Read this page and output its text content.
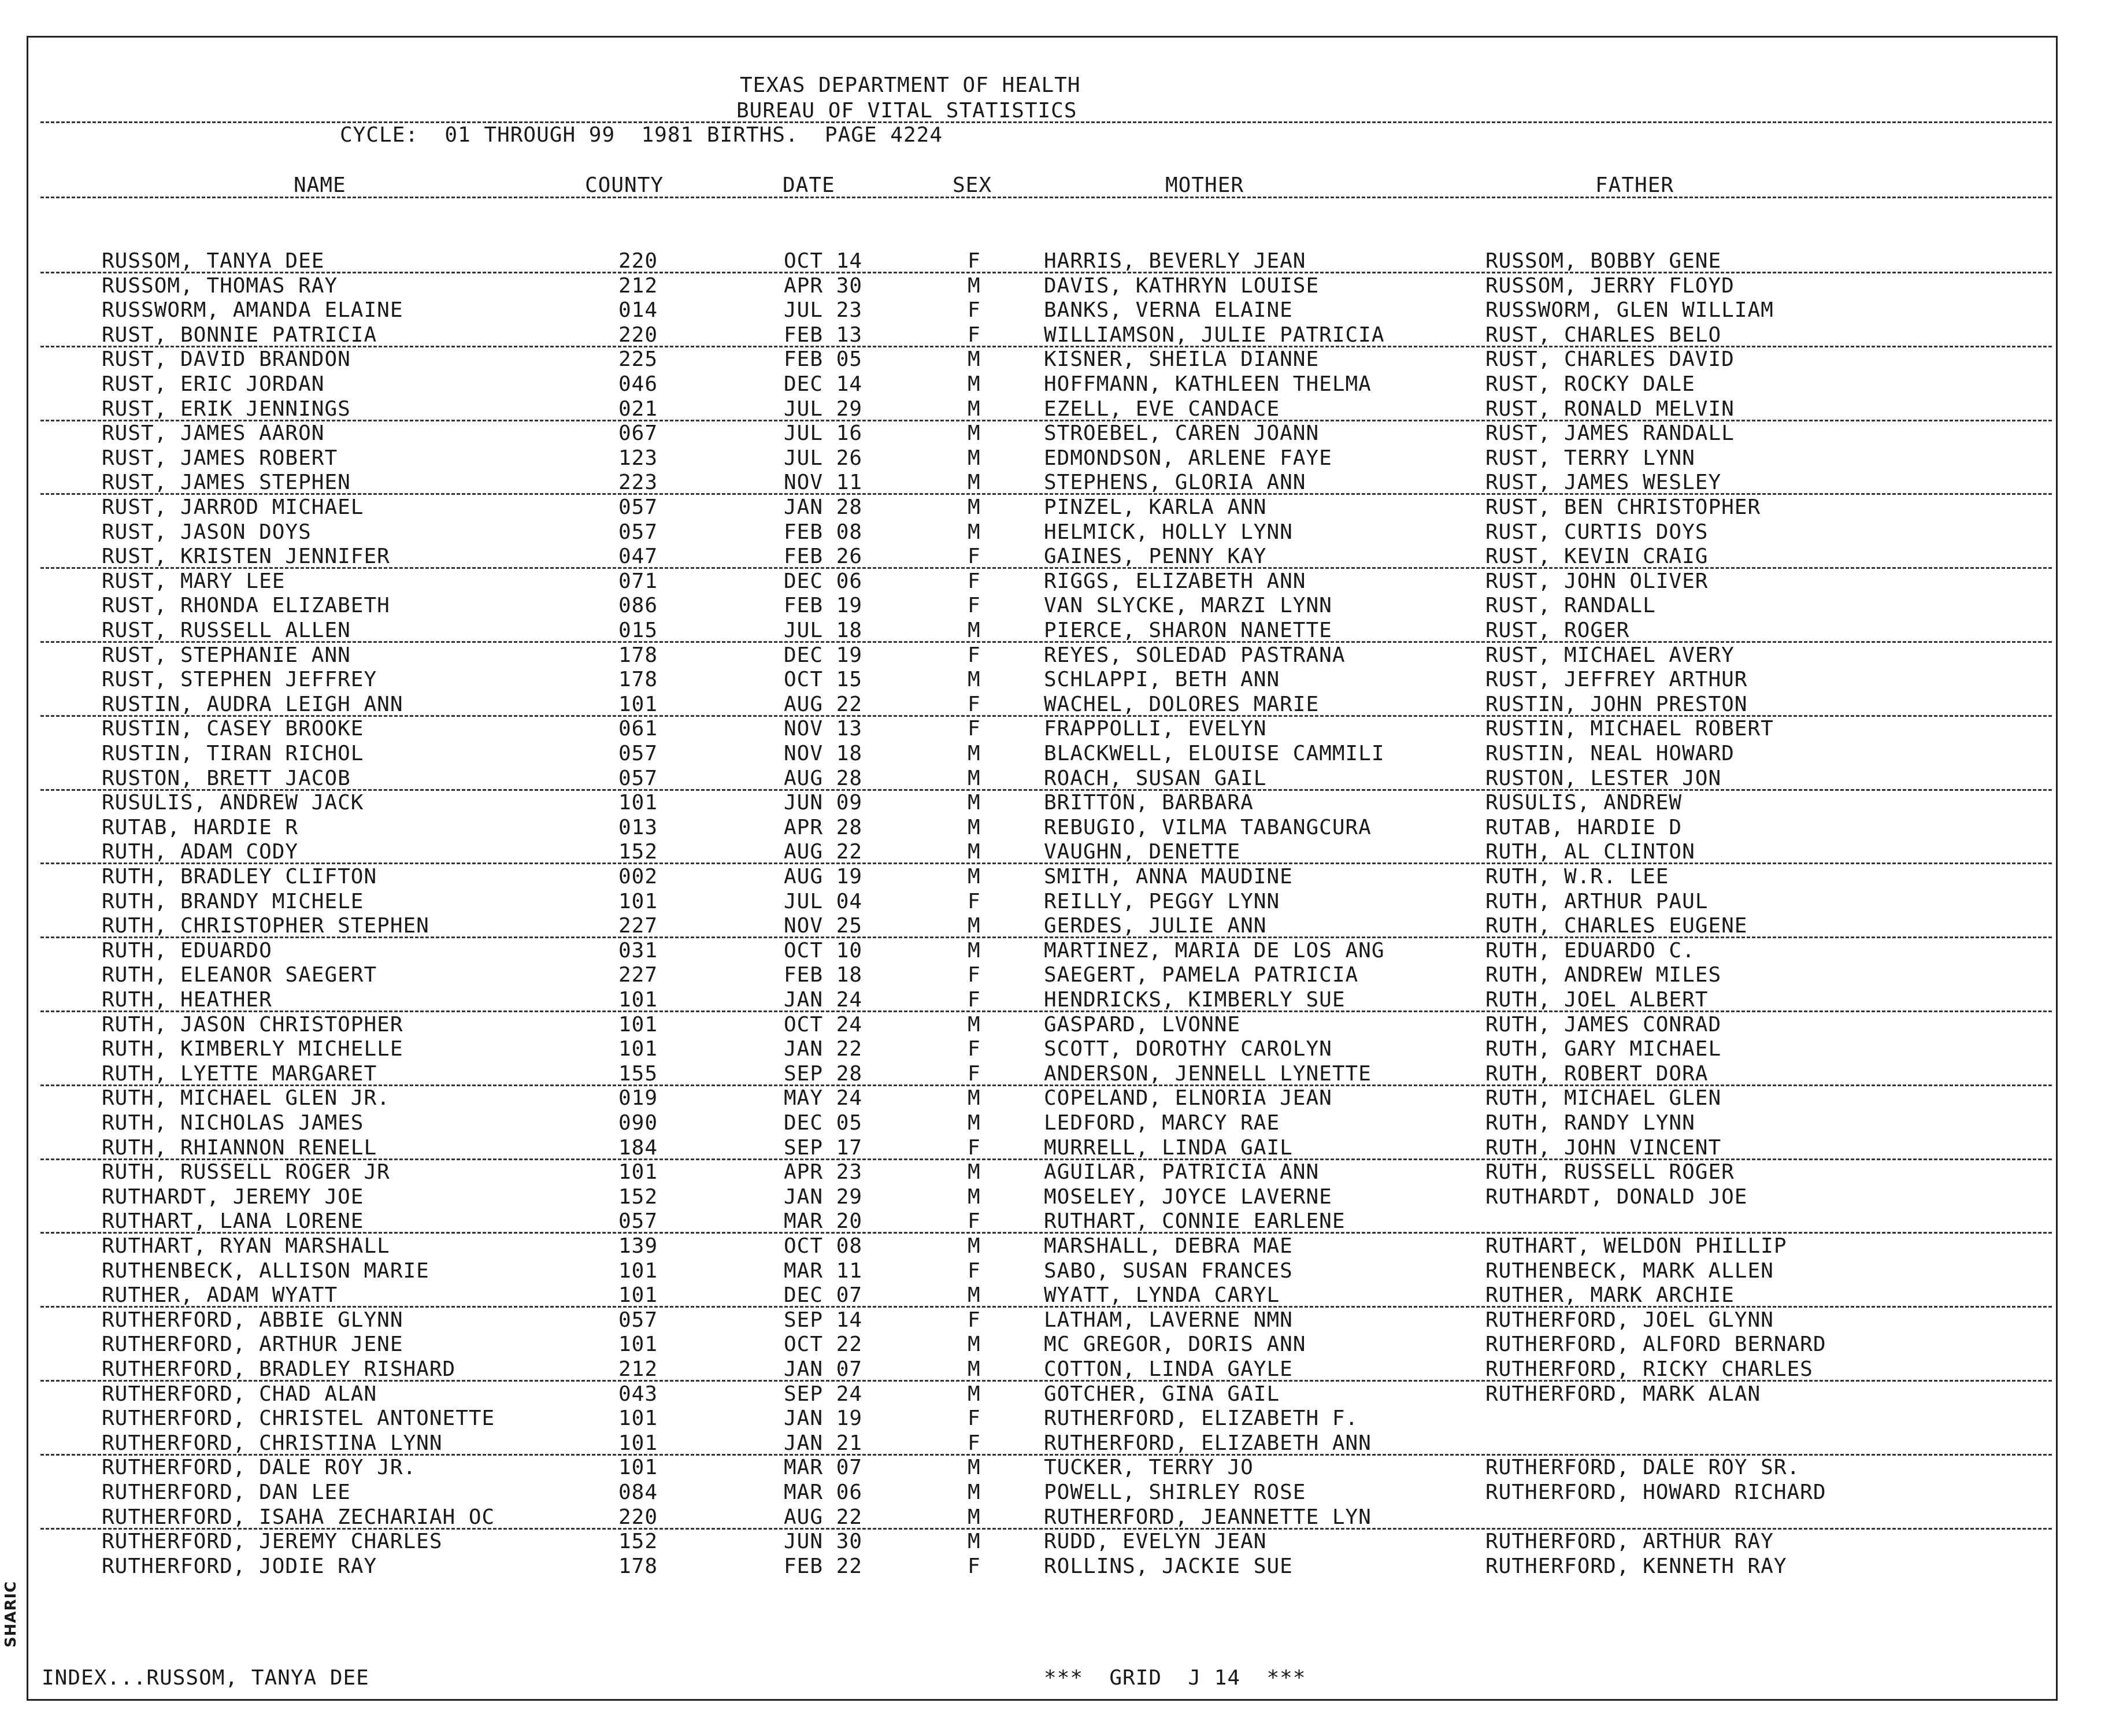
SHARIC
TEXAS DEPARTMENT OF HEALTH
BUREAU OF VITAL STATISTICS
CYCLE:  01 THROUGH 99  1981 BIRTHS.  PAGE 4224
NAME	COUNTY	DATE	SEX	MOTHER	FATHER
RUSSOM, TANYA DEE	220	OCT 14	F	HARRIS, BEVERLY JEAN	RUSSOM, BOBBY GENE
RUSSOM, THOMAS RAY	212	APR 30	M	DAVIS, KATHRYN LOUISE	RUSSOM, JERRY FLOYD
RUSSWORM, AMANDA ELAINE	014	JUL 23	F	BANKS, VERNA ELAINE	RUSSWORM, GLEN WILLIAM
RUST, BONNIE PATRICIA	220	FEB 13	F	WILLIAMSON, JULIE PATRICIA	RUST, CHARLES BELO
RUST, DAVID BRANDON	225	FEB 05	M	KISNER, SHEILA DIANNE	RUST, CHARLES DAVID
RUST, ERIC JORDAN	046	DEC 14	M	HOFFMANN, KATHLEEN THELMA	RUST, ROCKY DALE
RUST, ERIK JENNINGS	021	JUL 29	M	EZELL, EVE CANDACE	RUST, RONALD MELVIN
RUST, JAMES AARON	067	JUL 16	M	STROEBEL, CAREN JOANN	RUST, JAMES RANDALL
RUST, JAMES ROBERT	123	JUL 26	M	EDMONDSON, ARLENE FAYE	RUST, TERRY LYNN
RUST, JAMES STEPHEN	223	NOV 11	M	STEPHENS, GLORIA ANN	RUST, JAMES WESLEY
RUST, JARROD MICHAEL	057	JAN 28	M	PINZEL, KARLA ANN	RUST, BEN CHRISTOPHER
RUST, JASON DOYS	057	FEB 08	M	HELMICK, HOLLY LYNN	RUST, CURTIS DOYS
RUST, KRISTEN JENNIFER	047	FEB 26	F	GAINES, PENNY KAY	RUST, KEVIN CRAIG
RUST, MARY LEE	071	DEC 06	F	RIGGS, ELIZABETH ANN	RUST, JOHN OLIVER
RUST, RHONDA ELIZABETH	086	FEB 19	F	VAN SLYCKE, MARZI LYNN	RUST, RANDALL
RUST, RUSSELL ALLEN	015	JUL 18	M	PIERCE, SHARON NANETTE	RUST, ROGER
RUST, STEPHANIE ANN	178	DEC 19	F	REYES, SOLEDAD PASTRANA	RUST, MICHAEL AVERY
RUST, STEPHEN JEFFREY	178	OCT 15	M	SCHLAPPI, BETH ANN	RUST, JEFFREY ARTHUR
RUSTIN, AUDRA LEIGH ANN	101	AUG 22	F	WACHEL, DOLORES MARIE	RUSTIN, JOHN PRESTON
RUSTIN, CASEY BROOKE	061	NOV 13	F	FRAPPOLLI, EVELYN	RUSTIN, MICHAEL ROBERT
RUSTIN, TIRAN RICHOL	057	NOV 18	M	BLACKWELL, ELOUISE CAMMILI	RUSTIN, NEAL HOWARD
RUSTON, BRETT JACOB	057	AUG 28	M	ROACH, SUSAN GAIL	RUSTON, LESTER JON
RUSULIS, ANDREW JACK	101	JUN 09	M	BRITTON, BARBARA	RUSULIS, ANDREW
RUTAB, HARDIE R	013	APR 28	M	REBUGIO, VILMA TABANGCURA	RUTAB, HARDIE D
RUTH, ADAM CODY	152	AUG 22	M	VAUGHN, DENETTE	RUTH, AL CLINTON
RUTH, BRADLEY CLIFTON	002	AUG 19	M	SMITH, ANNA MAUDINE	RUTH, W.R. LEE
RUTH, BRANDY MICHELE	101	JUL 04	F	REILLY, PEGGY LYNN	RUTH, ARTHUR PAUL
RUTH, CHRISTOPHER STEPHEN	227	NOV 25	M	GERDES, JULIE ANN	RUTH, CHARLES EUGENE
RUTH, EDUARDO	031	OCT 10	M	MARTINEZ, MARIA DE LOS ANG	RUTH, EDUARDO C.
RUTH, ELEANOR SAEGERT	227	FEB 18	F	SAEGERT, PAMELA PATRICIA	RUTH, ANDREW MILES
RUTH, HEATHER	101	JAN 24	F	HENDRICKS, KIMBERLY SUE	RUTH, JOEL ALBERT
RUTH, JASON CHRISTOPHER	101	OCT 24	M	GASPARD, LVONNE	RUTH, JAMES CONRAD
RUTH, KIMBERLY MICHELLE	101	JAN 22	F	SCOTT, DOROTHY CAROLYN	RUTH, GARY MICHAEL
RUTH, LYETTE MARGARET	155	SEP 28	F	ANDERSON, JENNELL LYNETTE	RUTH, ROBERT DORA
RUTH, MICHAEL GLEN JR.	019	MAY 24	M	COPELAND, ELNORIA JEAN	RUTH, MICHAEL GLEN
RUTH, NICHOLAS JAMES	090	DEC 05	M	LEDFORD, MARCY RAE	RUTH, RANDY LYNN
RUTH, RHIANNON RENELL	184	SEP 17	F	MURRELL, LINDA GAIL	RUTH, JOHN VINCENT
RUTH, RUSSELL ROGER JR	101	APR 23	M	AGUILAR, PATRICIA ANN	RUTH, RUSSELL ROGER
RUTHARDT, JEREMY JOE	152	JAN 29	M	MOSELEY, JOYCE LAVERNE	RUTHARDT, DONALD JOE
RUTHART, LANA LORENE	057	MAR 20	F	RUTHART, CONNIE EARLENE
RUTHART, RYAN MARSHALL	139	OCT 08	M	MARSHALL, DEBRA MAE	RUTHART, WELDON PHILLIP
RUTHENBECK, ALLISON MARIE	101	MAR 11	F	SABO, SUSAN FRANCES	RUTHENBECK, MARK ALLEN
RUTHER, ADAM WYATT	101	DEC 07	M	WYATT, LYNDA CARYL	RUTHER, MARK ARCHIE
RUTHERFORD, ABBIE GLYNN	057	SEP 14	F	LATHAM, LAVERNE NMN	RUTHERFORD, JOEL GLYNN
RUTHERFORD, ARTHUR JENE	101	OCT 22	M	MC GREGOR, DORIS ANN	RUTHERFORD, ALFORD BERNARD
RUTHERFORD, BRADLEY RISHARD	212	JAN 07	M	COTTON, LINDA GAYLE	RUTHERFORD, RICKY CHARLES
RUTHERFORD, CHAD ALAN	043	SEP 24	M	GOTCHER, GINA GAIL	RUTHERFORD, MARK ALAN
RUTHERFORD, CHRISTEL ANTONETTE	101	JAN 19	F	RUTHERFORD, ELIZABETH F.
RUTHERFORD, CHRISTINA LYNN	101	JAN 21	F	RUTHERFORD, ELIZABETH ANN
RUTHERFORD, DALE ROY JR.	101	MAR 07	M	TUCKER, TERRY JO	RUTHERFORD, DALE ROY SR.
RUTHERFORD, DAN LEE	084	MAR 06	M	POWELL, SHIRLEY ROSE	RUTHERFORD, HOWARD RICHARD
RUTHERFORD, ISAHA ZECHARIAH OC	220	AUG 22	M	RUTHERFORD, JEANNETTE LYN
RUTHERFORD, JEREMY CHARLES	152	JUN 30	M	RUDD, EVELYN JEAN	RUTHERFORD, ARTHUR RAY
RUTHERFORD, JODIE RAY	178	FEB 22	F	ROLLINS, JACKIE SUE	RUTHERFORD, KENNETH RAY
INDEX...RUSSOM, TANYA DEE	***  GRID  J 14  ***
